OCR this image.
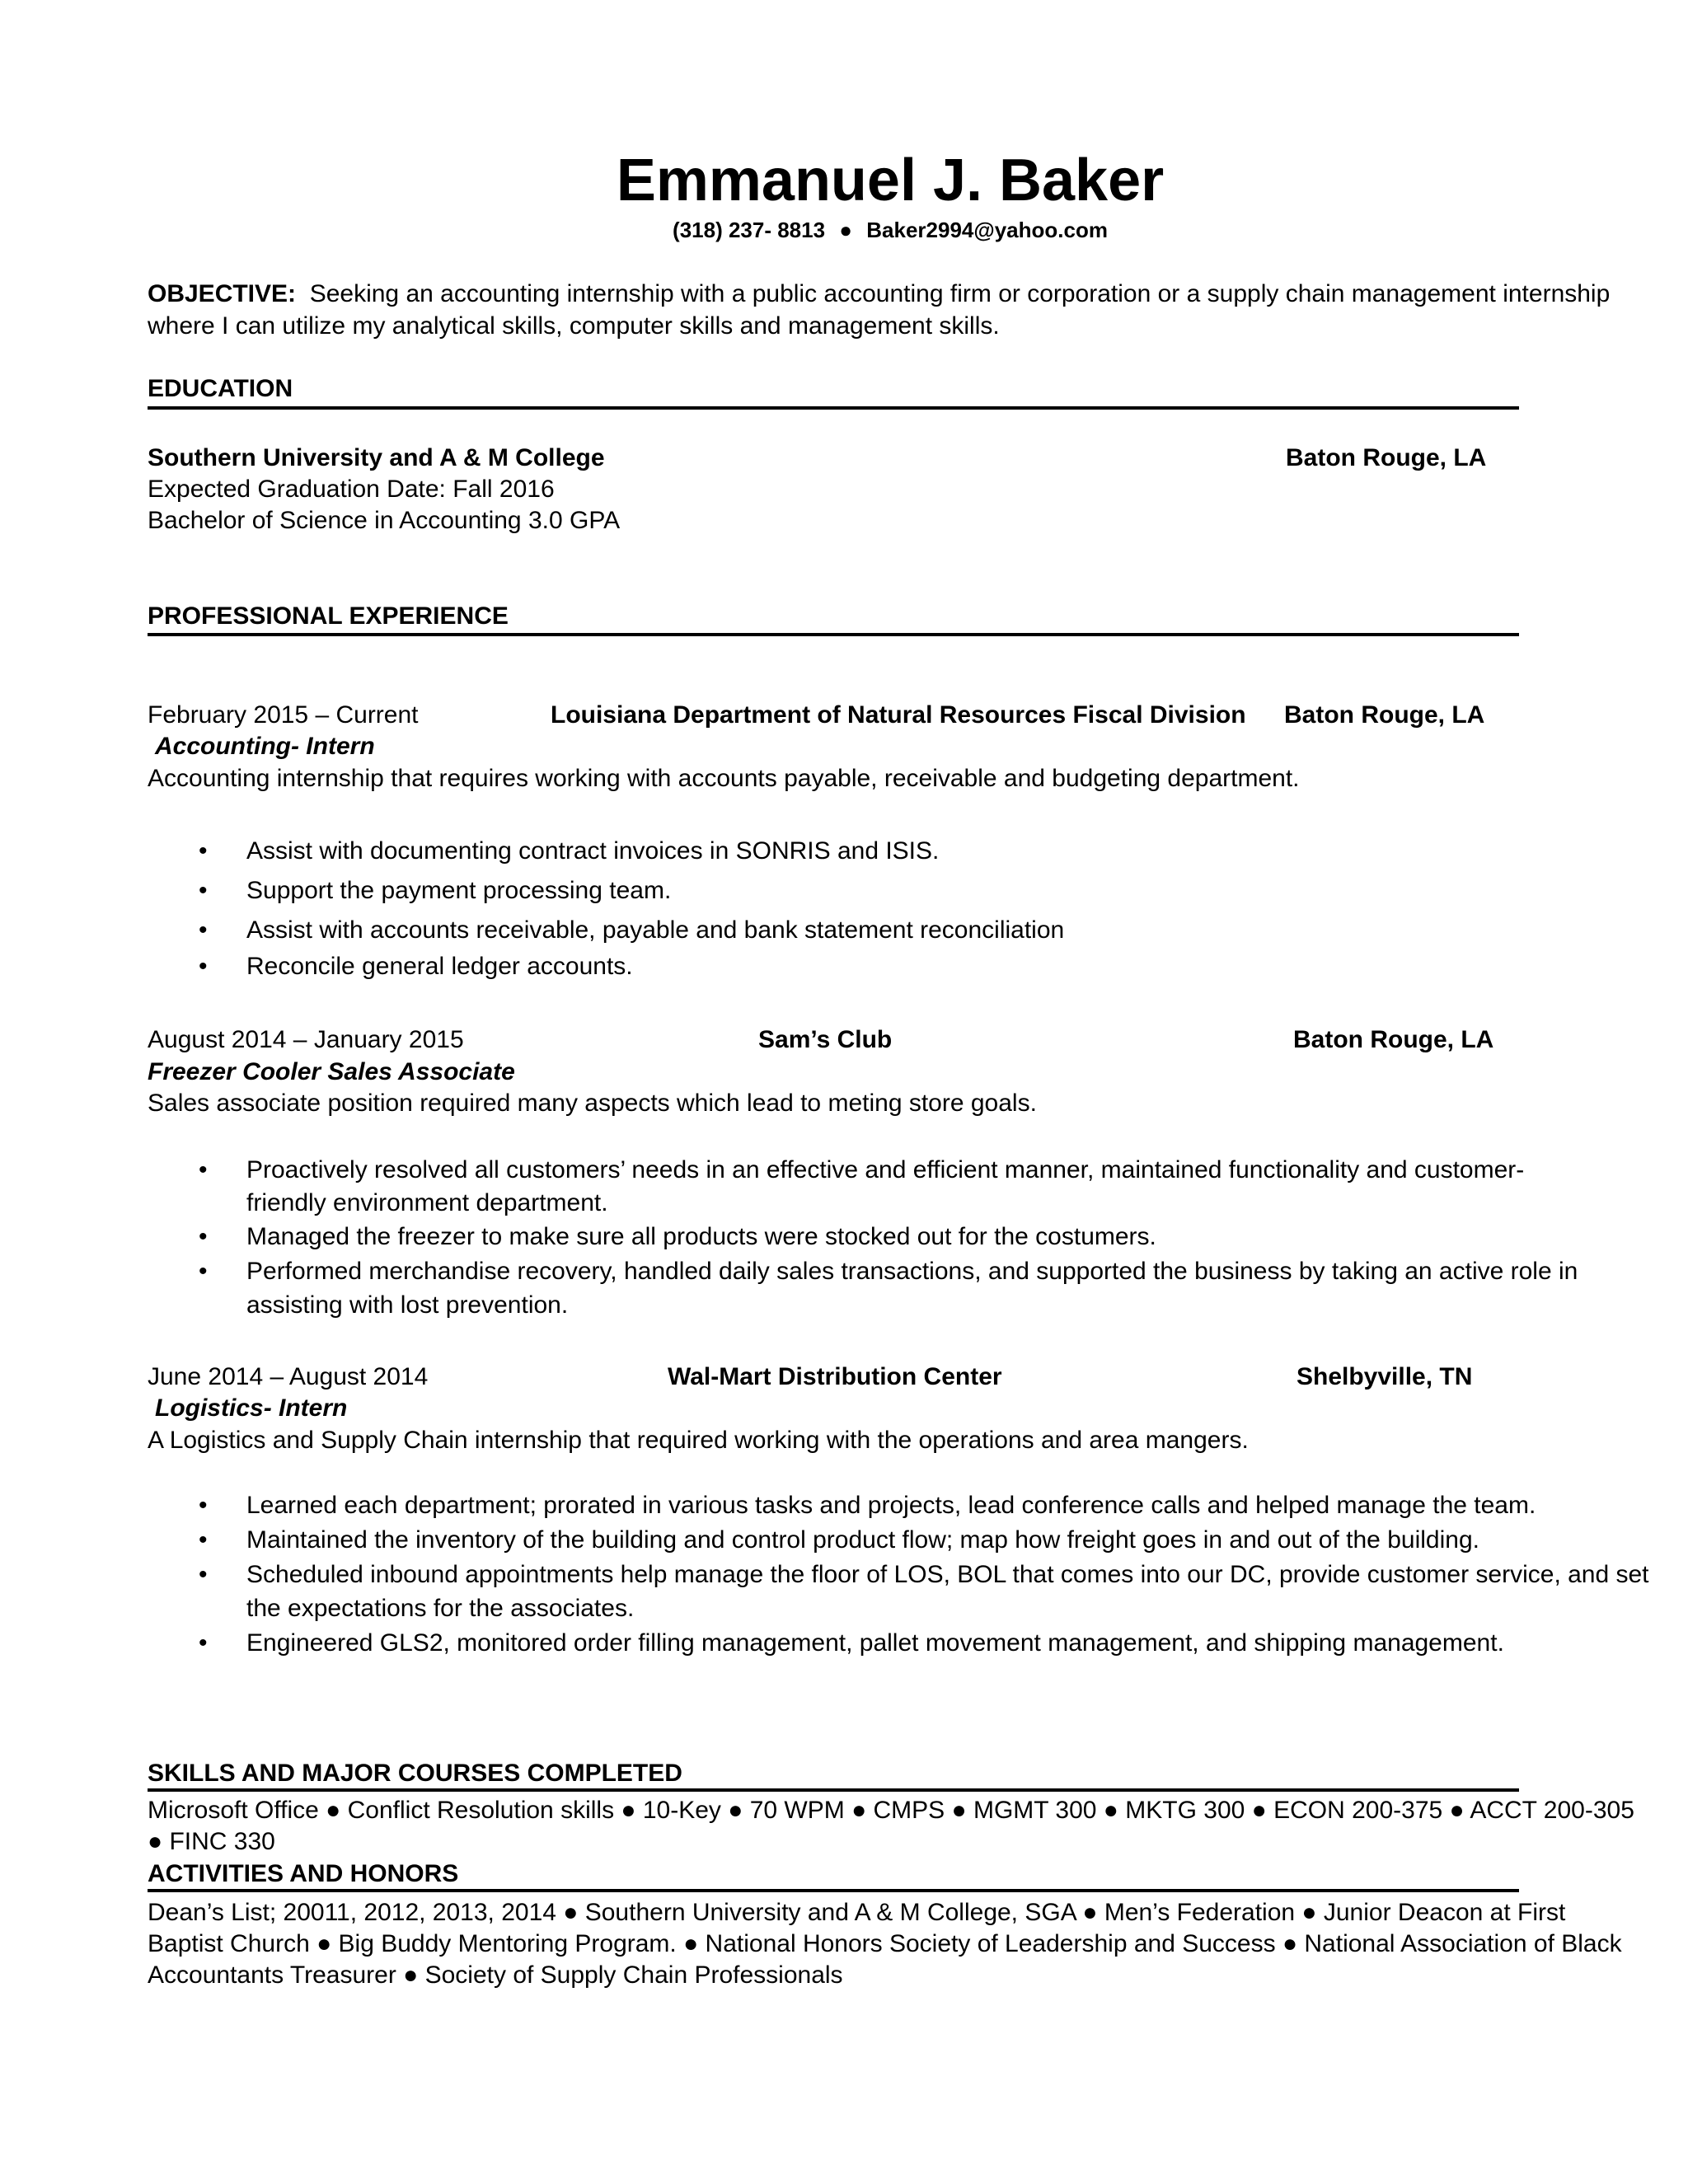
Emmanuel J. Baker
(318) 237- 8813 ● Baker2994@yahoo.com
OBJECTIVE: Seeking an accounting internship with a public accounting firm or corporation or a supply chain management internship
where I can utilize my analytical skills, computer skills and management skills.
EDUCATION
Southern University and A & M College	Baton Rouge, LA
Expected Graduation Date: Fall 2016
Bachelor of Science in Accounting 3.0 GPA
PROFESSIONAL EXPERIENCE
February 2015 – Current	Louisiana Department of Natural Resources Fiscal Division Baton Rouge, LA
Accounting- Intern
Accounting internship that requires working with accounts payable, receivable and budgeting department.
• Assist with documenting contract invoices in SONRIS and ISIS.
• Support the payment processing team.
• Assist with accounts receivable, payable and bank statement reconciliation
• Reconcile general ledger accounts.
August 2014 – January 2015	Sam’s Club	Baton Rouge, LA
Freezer Cooler Sales Associate
Sales associate position required many aspects which lead to meting store goals.
• Proactively resolved all customers’ needs in an effective and efficient manner, maintained functionality and customer-
friendly environment department.
• Managed the freezer to make sure all products were stocked out for the costumers.
• Performed merchandise recovery, handled daily sales transactions, and supported the business by taking an active role in
assisting with lost prevention.
June 2014 – August 2014	Wal-Mart Distribution Center	Shelbyville, TN
Logistics- Intern
A Logistics and Supply Chain internship that required working with the operations and area mangers.
• Learned each department; prorated in various tasks and projects, lead conference calls and helped manage the team.
• Maintained the inventory of the building and control product flow; map how freight goes in and out of the building.
• Scheduled inbound appointments help manage the floor of LOS, BOL that comes into our DC, provide customer service, and set
the expectations for the associates.
• Engineered GLS2, monitored order filling management, pallet movement management, and shipping management.
SKILLS AND MAJOR COURSES COMPLETED
Microsoft Office ● Conflict Resolution skills ● 10-Key ● 70 WPM ● CMPS ● MGMT 300 ● MKTG 300 ● ECON 200-375 ● ACCT 200-305
● FINC 330
ACTIVITIES AND HONORS
Dean’s List; 20011, 2012, 2013, 2014 ● Southern University and A & M College, SGA ● Men’s Federation ● Junior Deacon at First
Baptist Church ● Big Buddy Mentoring Program. ● National Honors Society of Leadership and Success ● National Association of Black
Accountants Treasurer ● Society of Supply Chain Professionals
